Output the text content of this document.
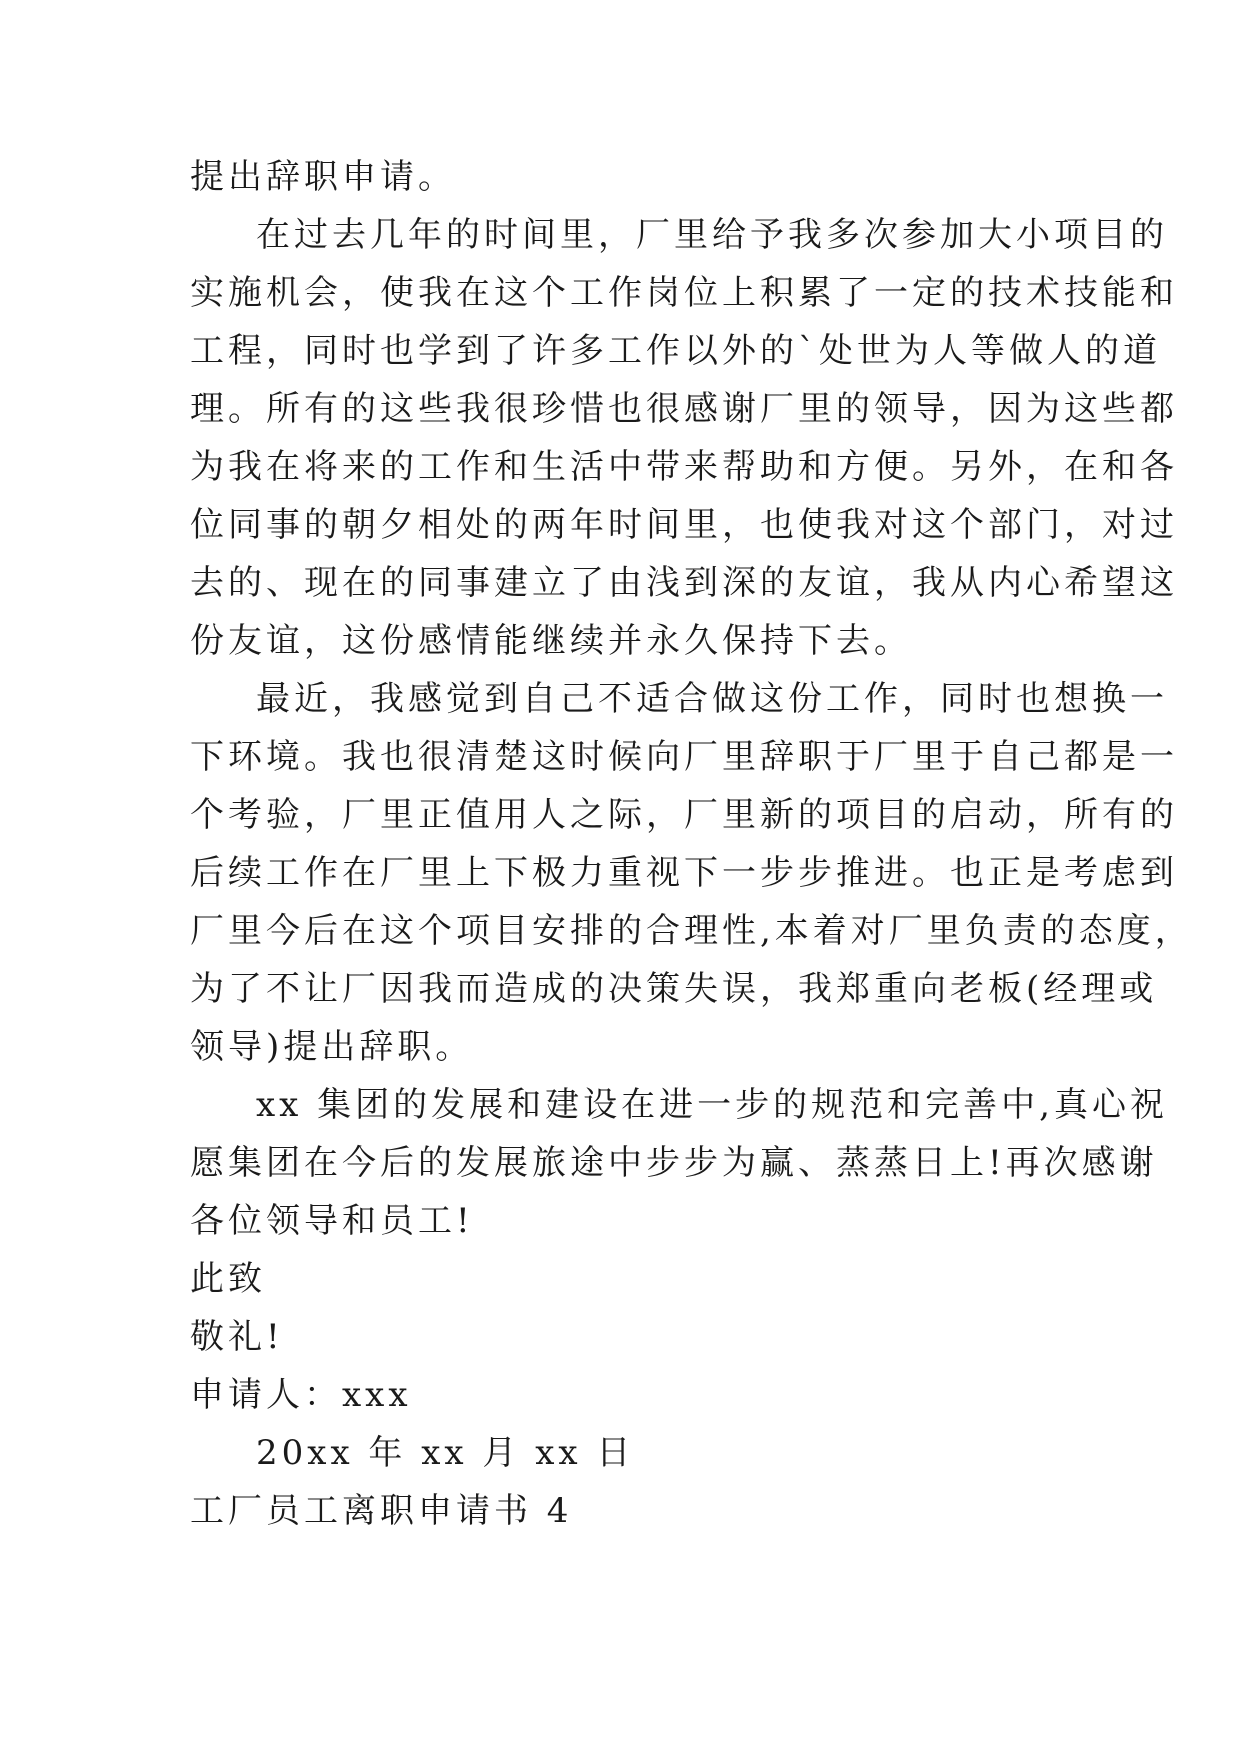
提出辞职申请。
在过去几年的时间里，厂里给予我多次参加大小项目的
实施机会，使我在这个工作岗位上积累了一定的技术技能和
工程，同时也学到了许多工作以外的`处世为人等做人的道
理。所有的这些我很珍惜也很感谢厂里的领导，因为这些都
为我在将来的工作和生活中带来帮助和方便。另外，在和各
位同事的朝夕相处的两年时间里，也使我对这个部门，对过
去的、现在的同事建立了由浅到深的友谊，我从内心希望这
份友谊，这份感情能继续并永久保持下去。
最近，我感觉到自己不适合做这份工作，同时也想换一
下环境。我也很清楚这时候向厂里辞职于厂里于自己都是一
个考验，厂里正值用人之际，厂里新的项目的启动，所有的
后续工作在厂里上下极力重视下一步步推进。也正是考虑到
厂里今后在这个项目安排的合理性,本着对厂里负责的态度，
为了不让厂因我而造成的决策失误，我郑重向老板(经理或
领导)提出辞职。
xx 集团的发展和建设在进一步的规范和完善中,真心祝
愿集团在今后的发展旅途中步步为赢、蒸蒸日上!再次感谢
各位领导和员工!
此致
敬礼!
申请人：xxx
20xx 年 xx 月 xx 日
工厂员工离职申请书 4
